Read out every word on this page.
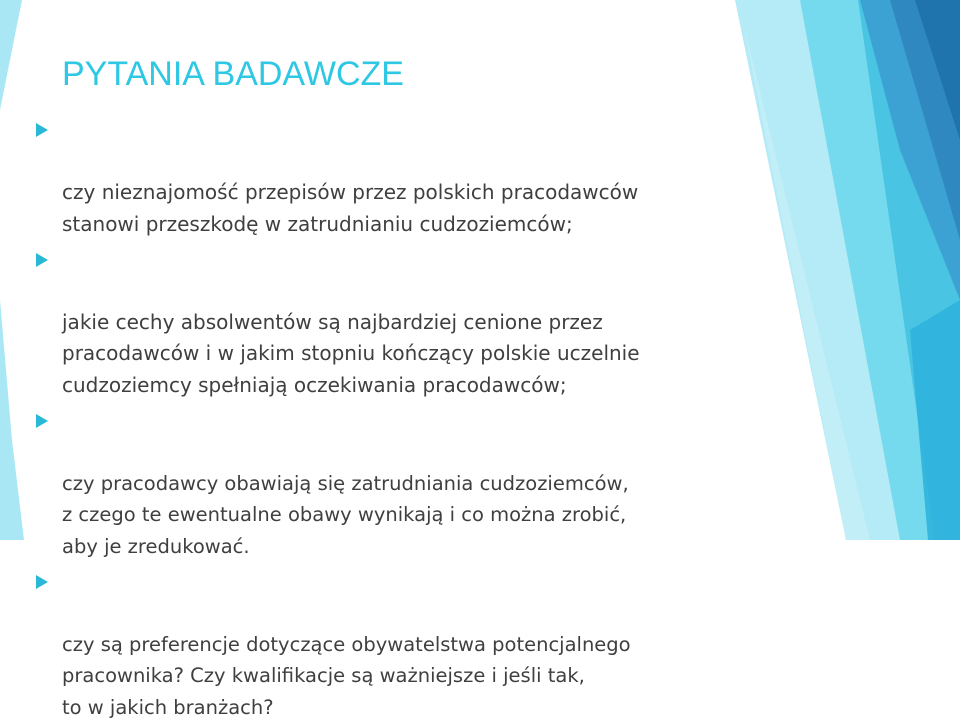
PYTANIA BADAWCZE

czy nieznajomość przepisów przez polskich pracodawców
stanowi przeszkodę w zatrudnianiu cudzoziemców;

jakie cechy absolwentów są najbardziej cenione przez
pracodawców i w jakim stopniu kończący polskie uczelnie
cudzoziemcy spełniają oczekiwania pracodawców;

czy pracodawcy obawiają się zatrudniania cudzoziemców,
z czego te ewentualne obawy wynikają i co można zrobić,
aby je zredukować.

czy są preferencje dotyczące obywatelstwa potencjalnego
pracownika? Czy kwalifikacje są ważniejsze i jeśli tak,
to w jakich branżach?
